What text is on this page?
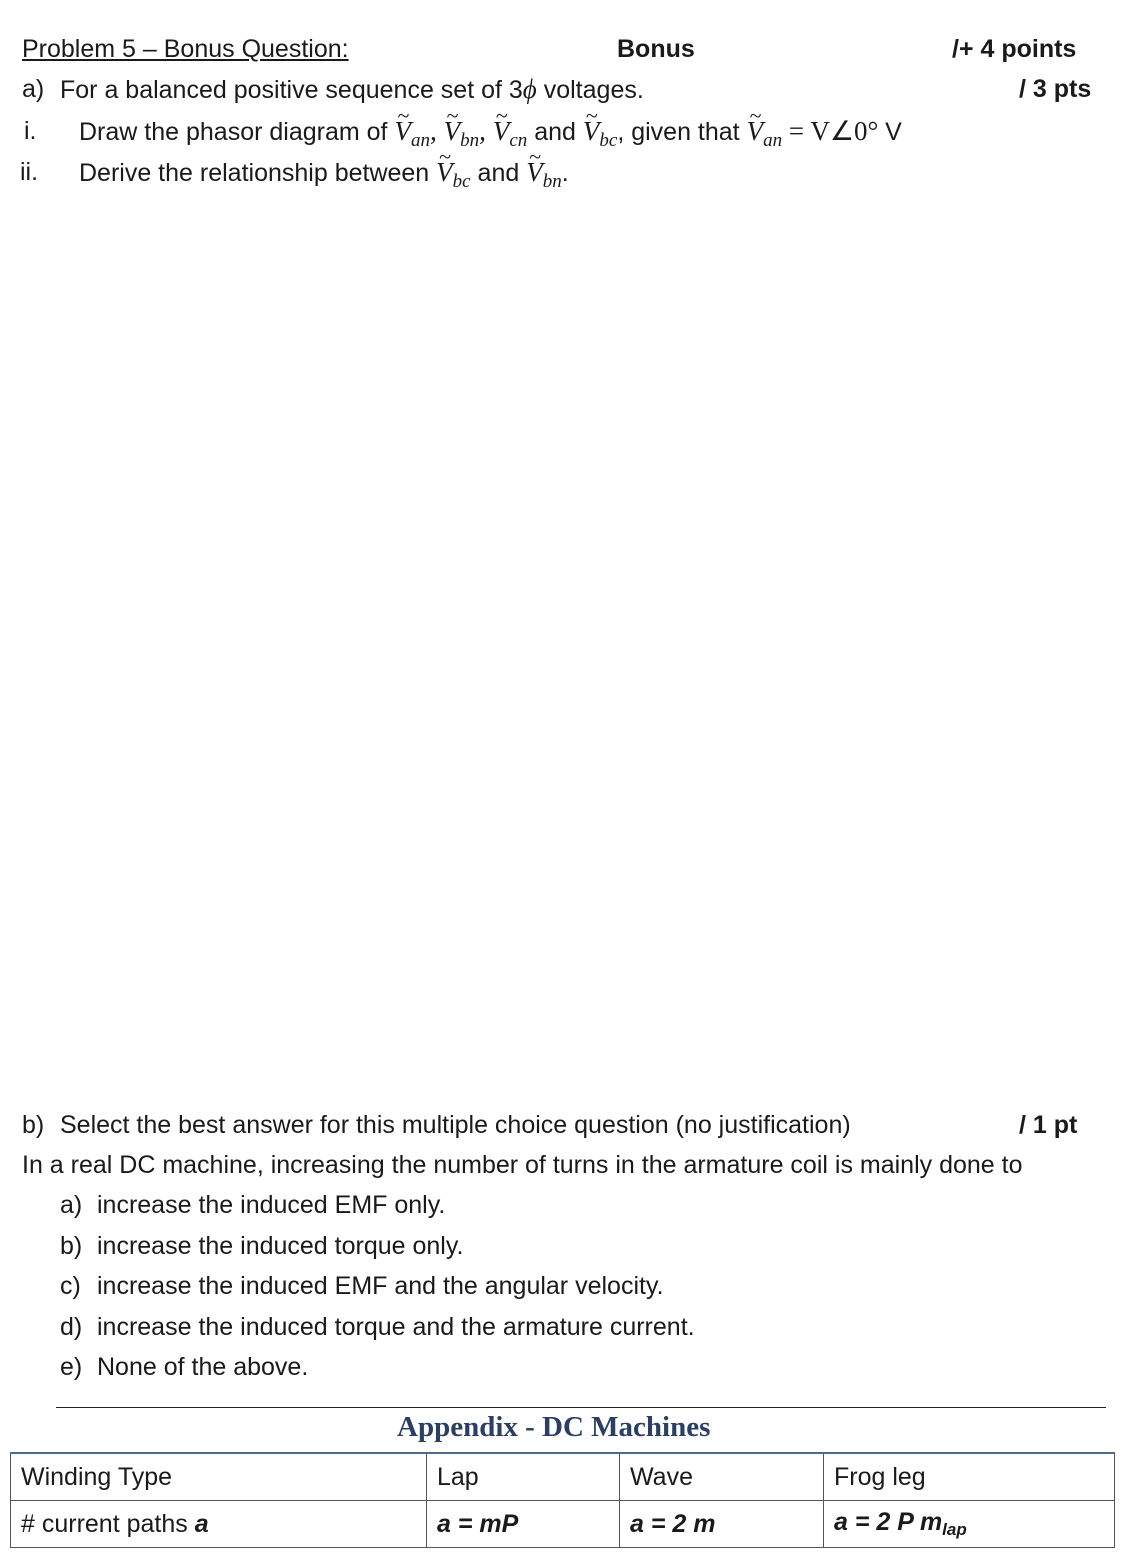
Problem 5 – Bonus Question:	Bonus	/+ 4 points
a) For a balanced positive sequence set of 3ϕ voltages.	/ 3 pts
i. Draw the phasor diagram of ~ $V_{an}$, ~ $V_{bn}$, ~ $V_{cn}$ and ~ $V_{bc}$, given that ~ $V_{an}$ = V∠0° V
ii. Derive the relationship between ~ $V_{bc}$ and ~ $V_{bn}$.
b) Select the best answer for this multiple choice question (no justification)	/ 1 pt
In a real DC machine, increasing the number of turns in the armature coil is mainly done to
a) increase the induced EMF only.
b) increase the induced torque only.
c) increase the induced EMF and the angular velocity.
d) increase the induced torque and the armature current.
e) None of the above.
Appendix - DC Machines
Winding Type	Lap	Wave	Frog leg
# current paths a	a = mP	a = 2 m	a = 2 P $m_{lap}$
